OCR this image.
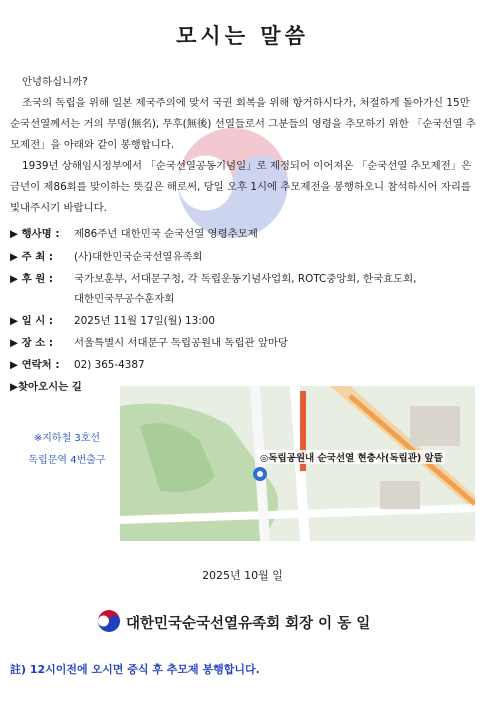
모시는 말씀
안녕하십니까?
조국의 독립을 위해 일본 제국주의에 맞서 국권 회복을 위해 항거하시다가, 처절하게 돌아가신 15만 순국선열께서는 거의 무명(無名), 무후(無後) 선열들로서 그분들의 영령을 추모하기 위한 「순국선열 추모제전」을 아래와 같이 봉행합니다.
1939년 상해임시정부에서 「순국선열공동기념일」로 제정되어 이어져온 「순국선열 추모제전」은 금년이 제86회를 맞이하는 뜻깊은 해로써, 당일 오후 1시에 추모제전을 봉행하오니 참석하시어 자리를 빛내주시기 바랍니다.
▶ 행사명 : 제86주년 대한민국 순국선열 영령추모제
▶ 주 최 : (사)대한민국순국선열유족회
▶ 후 원 : 국가보훈부, 서대문구청, 각 독립운동기념사업회, ROTC중앙회, 한국효도회,
대한민국무공수훈자회
▶ 일 시 : 2025년 11월 17일(월) 13:00
▶ 장 소 : 서울특별시 서대문구 독립공원내 독립관 앞마당
▶ 연락처 : 02) 365-4387
▶찾아오시는 길
※지하철 3호선
독립문역 4번출구	◎독립공원내 순국선열 현충사(독립관) 앞뜰
2025년 10월 일
대한민국순국선열유족회 회장 이 동 일
註) 12시이전에 오시면 중식 후 추모제 봉행합니다.
